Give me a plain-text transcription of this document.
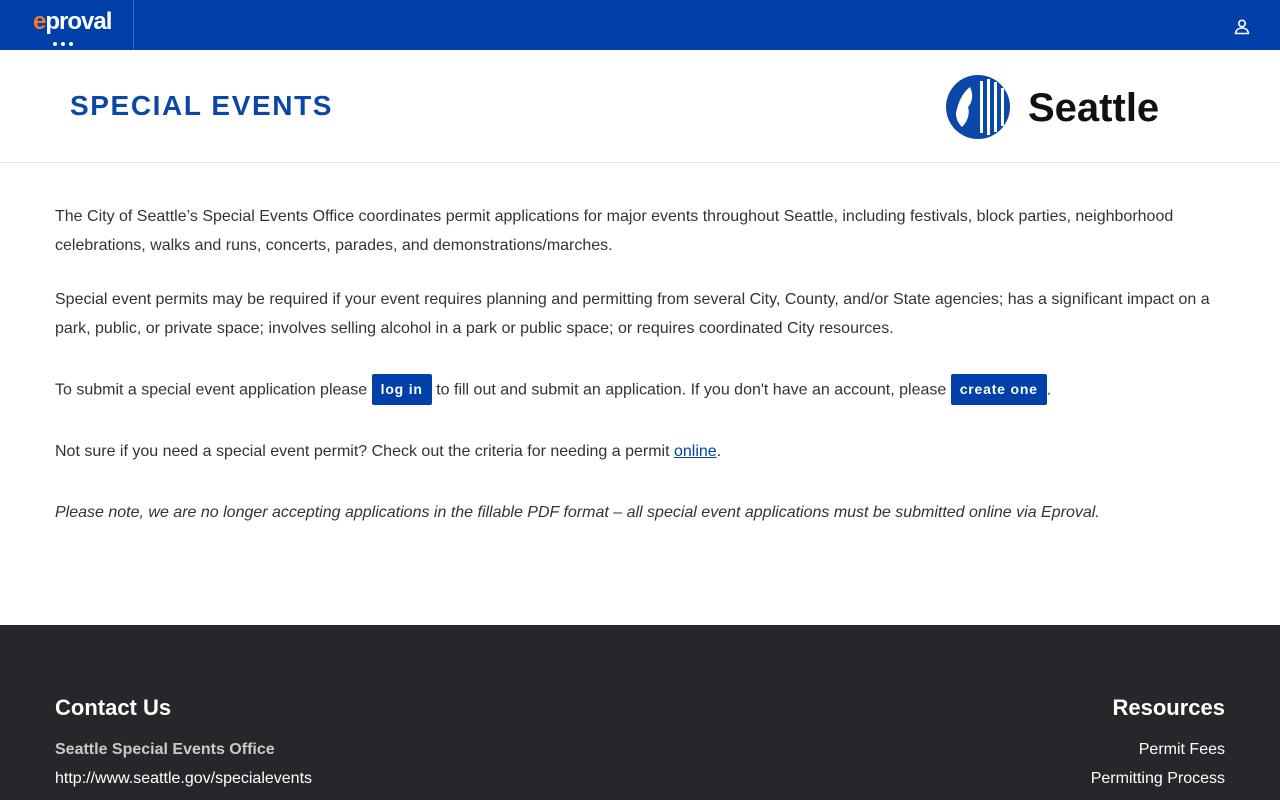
eproval
SPECIAL EVENTS	Seattle

The City of Seattle’s Special Events Office coordinates permit applications for major events throughout Seattle, including festivals, block parties, neighborhood celebrations, walks and runs, concerts, parades, and demonstrations/marches.

Special event permits may be required if your event requires planning and permitting from several City, County, and/or State agencies; has a significant impact on a park, public, or private space; involves selling alcohol in a park or public space; or requires coordinated City resources.

To submit a special event application please log in to fill out and submit an application. If you don't have an account, please create one .

Not sure if you need a special event permit? Check out the criteria for needing a permit online.

Please note, we are no longer accepting applications in the fillable PDF format – all special event applications must be submitted online via Eproval.

Contact Us
Seattle Special Events Office
http://www.seattle.gov/specialevents
Resources
Permit Fees
Permitting Process
